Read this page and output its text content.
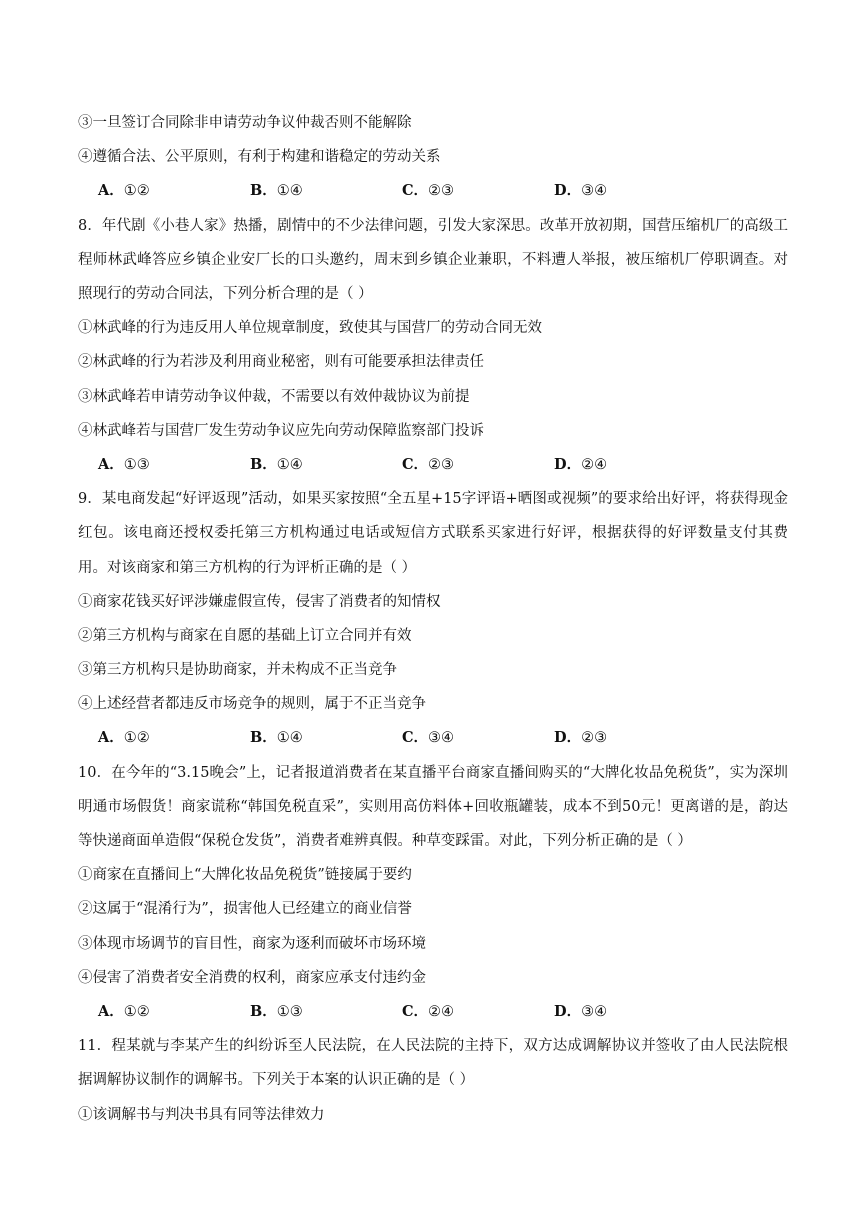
③一旦签订合同除非申请劳动争议仲裁否则不能解除
④遵循合法、公平原则，有利于构建和谐稳定的劳动关系
A．①②	B．①④	C．②③	D．③④
8．年代剧《小巷人家》热播，剧情中的不少法律问题，引发大家深思。改革开放初期，国营压缩机厂的高级工程师林武峰答应乡镇企业安厂长的口头邀约，周末到乡镇企业兼职，不料遭人举报，被压缩机厂停职调查。对照现行的劳动合同法，下列分析合理的是（ ）
①林武峰的行为违反用人单位规章制度，致使其与国营厂的劳动合同无效
②林武峰的行为若涉及利用商业秘密，则有可能要承担法律责任
③林武峰若申请劳动争议仲裁，不需要以有效仲裁协议为前提
④林武峰若与国营厂发生劳动争议应先向劳动保障监察部门投诉
A．①③	B．①④	C．②③	D．②④
9．某电商发起“好评返现”活动，如果买家按照“全五星+15字评语+晒图或视频”的要求给出好评，将获得现金红包。该电商还授权委托第三方机构通过电话或短信方式联系买家进行好评，根据获得的好评数量支付其费用。对该商家和第三方机构的行为评析正确的是（ ）
①商家花钱买好评涉嫌虚假宣传，侵害了消费者的知情权
②第三方机构与商家在自愿的基础上订立合同并有效
③第三方机构只是协助商家，并未构成不正当竞争
④上述经营者都违反市场竞争的规则，属于不正当竞争
A．①②	B．①④	C．③④	D．②③
10．在今年的“3.15晚会”上，记者报道消费者在某直播平台商家直播间购买的“大牌化妆品免税货”，实为深圳明通市场假货！商家谎称“韩国免税直采”，实则用高仿料体+回收瓶罐装，成本不到50元！更离谱的是，韵达等快递商面单造假“保税仓发货”，消费者难辨真假。种草变踩雷。对此，下列分析正确的是（ ）
①商家在直播间上“大牌化妆品免税货”链接属于要约
②这属于“混淆行为”，损害他人已经建立的商业信誉
③体现市场调节的盲目性，商家为逐利而破坏市场环境
④侵害了消费者安全消费的权利，商家应承支付违约金
A．①②	B．①③	C．②④	D．③④
11．程某就与李某产生的纠纷诉至人民法院，在人民法院的主持下，双方达成调解协议并签收了由人民法院根据调解协议制作的调解书。下列关于本案的认识正确的是（ ）
①该调解书与判决书具有同等法律效力
